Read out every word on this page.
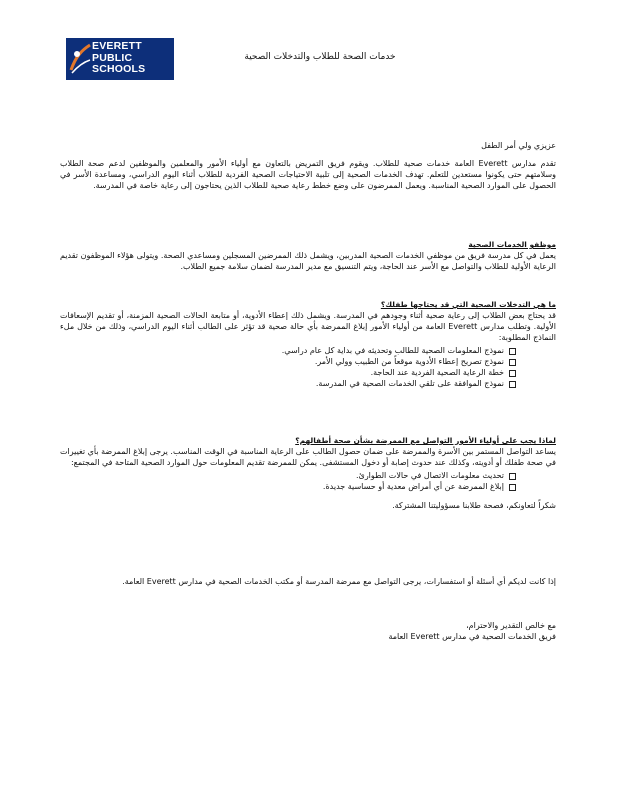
EVERETT
PUBLIC
SCHOOLS
خدمات الصحة للطلاب والتدخلات الصحية

عزيزي ولي أمر الطفل

تقدم مدارس Everett العامة خدمات صحية للطلاب. ويقوم فريق التمريض بالتعاون مع أولياء الأمور والمعلمين والموظفين لدعم صحة الطلاب وسلامتهم حتى يكونوا مستعدين للتعلم. تهدف الخدمات الصحية إلى تلبية الاحتياجات الصحية الفردية للطلاب أثناء اليوم الدراسي، ومساعدة الأسر في الحصول على الموارد الصحية المناسبة. ويعمل الممرضون على وضع خطط رعاية صحية للطلاب الذين يحتاجون إلى رعاية خاصة في المدرسة.

موظفو الخدمات الصحية

يعمل في كل مدرسة فريق من موظفي الخدمات الصحية المدربين، ويشمل ذلك الممرضين المسجلين ومساعدي الصحة. ويتولى هؤلاء الموظفون تقديم الرعاية الأولية للطلاب والتواصل مع الأسر عند الحاجة، ويتم التنسيق مع مدير المدرسة لضمان سلامة جميع الطلاب.

ما هي التدخلات الصحية التي قد يحتاجها طفلك؟

قد يحتاج بعض الطلاب إلى رعاية صحية أثناء وجودهم في المدرسة. ويشمل ذلك إعطاء الأدوية، أو متابعة الحالات الصحية المزمنة، أو تقديم الإسعافات الأولية. وتطلب مدارس Everett العامة من أولياء الأمور إبلاغ الممرضة بأي حالة صحية قد تؤثر على الطالب أثناء اليوم الدراسي، وذلك من خلال ملء النماذج المطلوبة:

نموذج المعلومات الصحية للطالب وتحديثه في بداية كل عام دراسي.
نموذج تصريح إعطاء الأدوية موقعاً من الطبيب وولي الأمر.
خطة الرعاية الصحية الفردية عند الحاجة.
نموذج الموافقة على تلقي الخدمات الصحية في المدرسة.

لماذا يجب على أولياء الأمور التواصل مع الممرضة بشأن صحة أطفالهم؟

يساعد التواصل المستمر بين الأسرة والممرضة على ضمان حصول الطالب على الرعاية المناسبة في الوقت المناسب. يرجى إبلاغ الممرضة بأي تغييرات في صحة طفلك أو أدويته، وكذلك عند حدوث إصابة أو دخول المستشفى. يمكن للممرضة تقديم المعلومات حول الموارد الصحية المتاحة في المجتمع:

تحديث معلومات الاتصال في حالات الطوارئ.
إبلاغ الممرضة عن أي أمراض معدية أو حساسية جديدة.

شكراً لتعاونكم، فصحة طلابنا مسؤوليتنا المشتركة.

إذا كانت لديكم أي أسئلة أو استفسارات، يرجى التواصل مع ممرضة المدرسة أو مكتب الخدمات الصحية في مدارس Everett العامة.

مع خالص التقدير والاحترام،

فريق الخدمات الصحية في مدارس Everett العامة
